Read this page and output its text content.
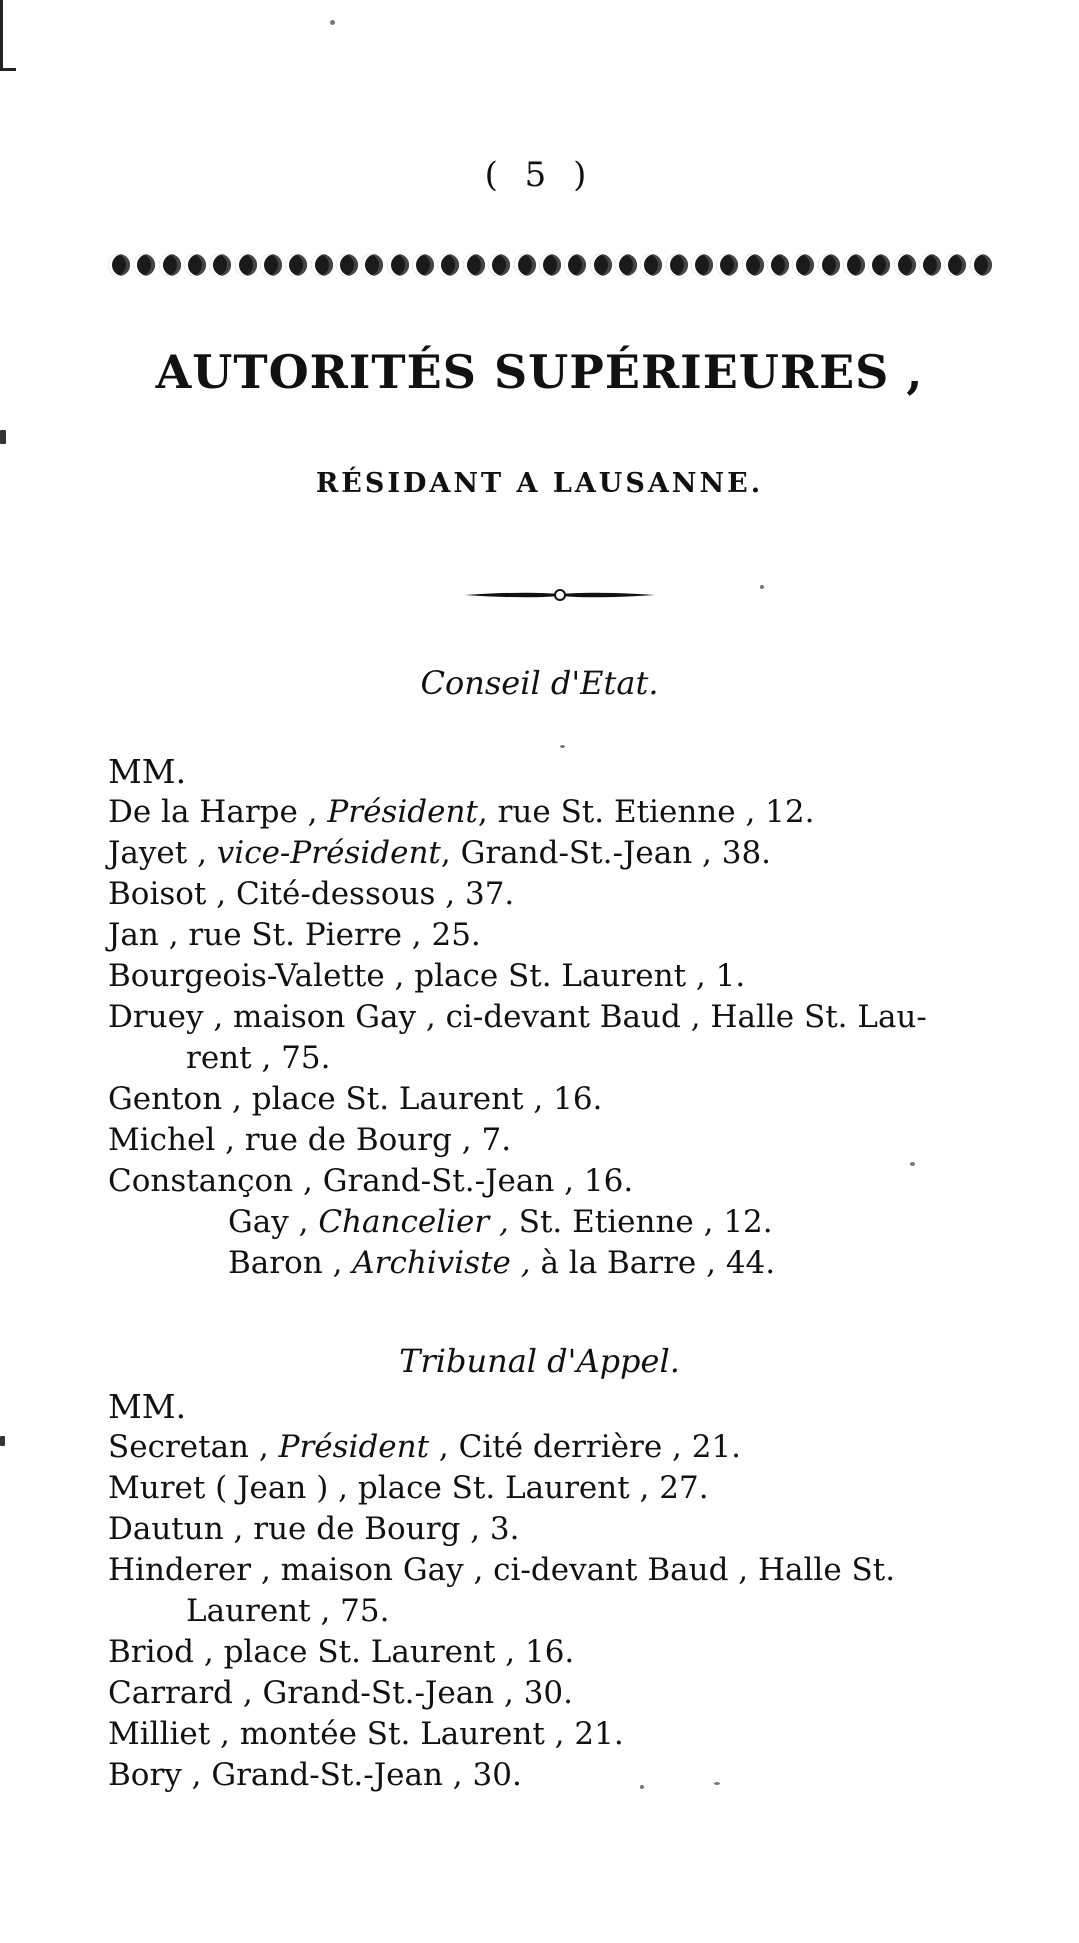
( 5 )
AUTORITÉS SUPÉRIEURES ,
RÉSIDANT A LAUSANNE.
Conseil d'Etat.
MM.
De la Harpe , Président, rue St. Etienne , 12.
Jayet , vice-Président, Grand-St.-Jean , 38.
Boisot , Cité-dessous , 37.
Jan , rue St. Pierre , 25.
Bourgeois-Valette , place St. Laurent , 1.
Druey , maison Gay , ci-devant Baud , Halle St. Lau-
rent , 75.
Genton , place St. Laurent , 16.
Michel , rue de Bourg , 7.
Constançon , Grand-St.-Jean , 16.
Gay , Chancelier , St. Etienne , 12.
Baron , Archiviste , à la Barre , 44.
Tribunal d'Appel.
MM.
Secretan , Président , Cité derrière , 21.
Muret ( Jean ) , place St. Laurent , 27.
Dautun , rue de Bourg , 3.
Hinderer , maison Gay , ci-devant Baud , Halle St.
Laurent , 75.
Briod , place St. Laurent , 16.
Carrard , Grand-St.-Jean , 30.
Milliet , montée St. Laurent , 21.
Bory , Grand-St.-Jean , 30.
